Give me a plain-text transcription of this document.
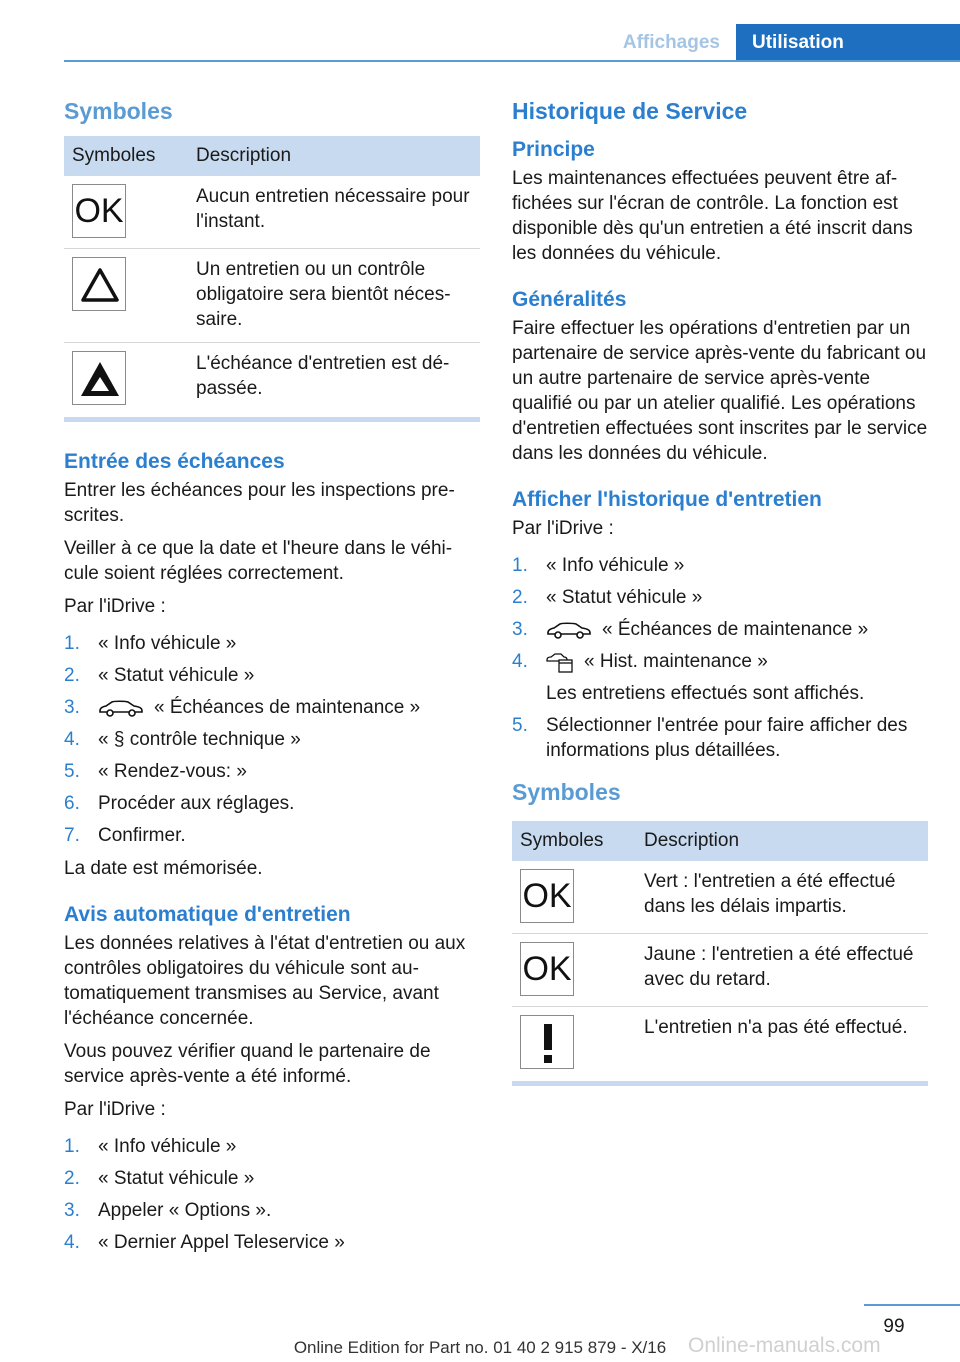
Affichages	Utilisation
Symboles
Symboles	Description

OK	Aucun entretien nécessaire pour l'instant.

	Un entretien ou un contrôle obligatoire sera bientôt nécessaire.

	L'échéance d'entretien est dépassée.
Entrée des échéances

Entrer les échéances pour les inspections prescrites.

Veiller à ce que la date et l'heure dans le véhicule soient réglées correctement.

Par l'iDrive :

1. « Info véhicule »
2. « Statut véhicule »
3.	« Échéances de maintenance »
4. « § contrôle technique »
5. « Rendez-vous: »
6. Procéder aux réglages.
7. Confirmer.

La date est mémorisée.

Avis automatique d'entretien

Les données relatives à l'état d'entretien ou aux contrôles obligatoires du véhicule sont automatiquement transmises au Service, avant l'échéance concernée.

Vous pouvez vérifier quand le partenaire de service après-vente a été informé.

Par l'iDrive :

1. « Info véhicule »
2. « Statut véhicule »
3. Appeler « Options ».
4. « Dernier Appel Teleservice »
Historique de Service
Principe

Les maintenances effectuées peuvent être affichées sur l'écran de contrôle. La fonction est disponible dès qu'un entretien a été inscrit dans les données du véhicule.

Généralités

Faire effectuer les opérations d'entretien par un partenaire de service après-vente du fabricant ou un autre partenaire de service après-vente qualifié ou par un atelier qualifié. Les opérations d'entretien effectuées sont inscrites par le service dans les données du véhicule.

Afficher l'historique d'entretien

Par l'iDrive :

1. « Info véhicule »
2. « Statut véhicule »
3.	« Échéances de maintenance »
4.	« Hist. maintenance »
Les entretiens effectués sont affichés.
5. Sélectionner l'entrée pour faire afficher des informations plus détaillées.
Symboles
Symboles	Description

OK	Vert : l'entretien a été effectué dans les délais impartis.

OK	Jaune : l'entretien a été effectué avec du retard.

	L'entretien n'a pas été effectué.
99
Online Edition for Part no. 01 40 2 915 879 - X/16	Online-manuals.com
